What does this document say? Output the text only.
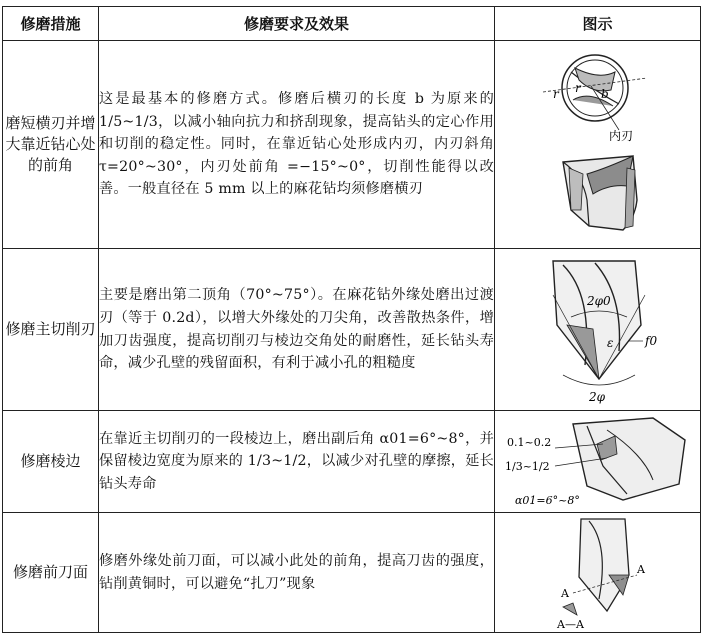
修磨措施	修磨要求及效果	图示
磨短横刃并增大靠近钻心处的前角	这是最基本的修磨方式。修磨后横刃的长度 b 为原来的 1/5~1/3，以减小轴向抗力和挤刮现象，提高钻头的定心作用和切削的稳定性。同时，在靠近钻心处形成内刃，内刃斜角 τ=20°~30°，内刃处前角 =−15°~0°，切削性能得以改善。一般直径在 5 mm 以上的麻花钻均须修磨横刃	r r b
内刃

修磨主切削刃	主要是磨出第二顶角（70°~75°）。在麻花钻外缘处磨出过渡刃（等于 0.2d），以增大外缘处的刀尖角，改善散热条件，增加刀齿强度，提高切削刃与棱边交角处的耐磨性，延长钻头寿命，减少孔壁的残留面积，有利于减小孔的粗糙度	2φ0
ε f0
2φ

修磨棱边	在靠近主切削刃的一段棱边上，磨出副后角 α01=6°~8°，并保留棱边宽度为原来的 1/3~1/2，以减少对孔壁的摩擦，延长钻头寿命	0.1~0.2
1/3~1/2
α01=6°~8°

修磨前刀面	修磨外缘处前刀面，可以减小此处的前角，提高刀齿的强度，钻削黄铜时，可以避免“扎刀”现象	A
A
A—A
